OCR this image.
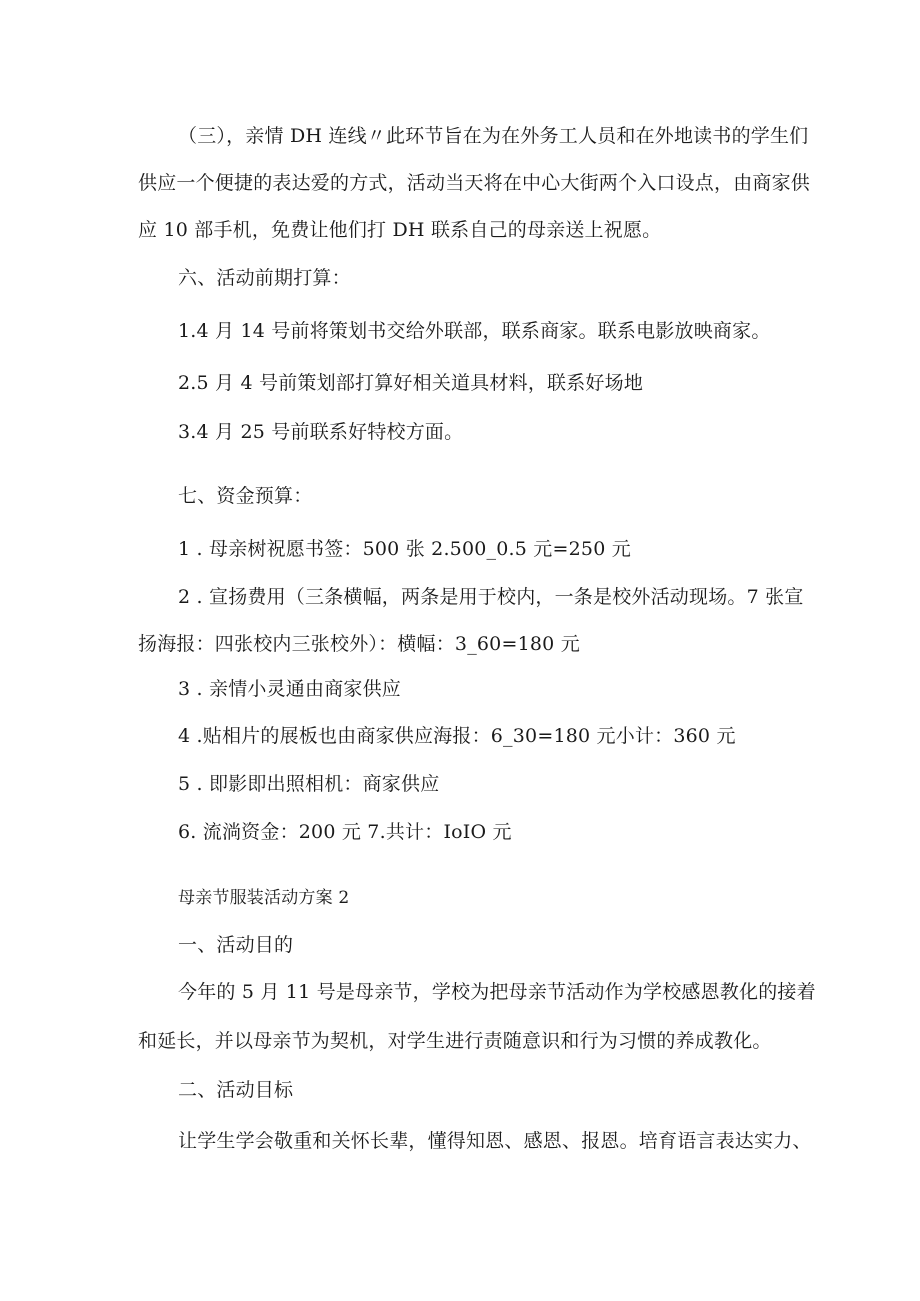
（三），亲情 DH 连线〃此环节旨在为在外务工人员和在外地读书的学生们
供应一个便捷的表达爱的方式，活动当天将在中心大街两个入口设点，由商家供
应 10 部手机，免费让他们打 DH 联系自己的母亲送上祝愿。
六、活动前期打算：
1.4 月 14 号前将策划书交给外联部，联系商家。联系电影放映商家。
2.5 月 4 号前策划部打算好相关道具材料，联系好场地
3.4 月 25 号前联系好特校方面。
七、资金预算：
1 . 母亲树祝愿书签：500 张 2.500_0.5 元=250 元
2 . 宣扬费用（三条横幅，两条是用于校内，一条是校外活动现场。7 张宣
扬海报：四张校内三张校外）：横幅：3_60=180 元
3 . 亲情小灵通由商家供应
4 .贴相片的展板也由商家供应海报：6_30=180 元小计：360 元
5 . 即影即出照相机：商家供应
6. 流淌资金：200 元 7.共计：IoIO 元
母亲节服装活动方案 2
一、活动目的
今年的 5 月 11 号是母亲节，学校为把母亲节活动作为学校感恩教化的接着
和延长，并以母亲节为契机，对学生进行责随意识和行为习惯的养成教化。
二、活动目标
让学生学会敬重和关怀长辈，懂得知恩、感恩、报恩。培育语言表达实力、
